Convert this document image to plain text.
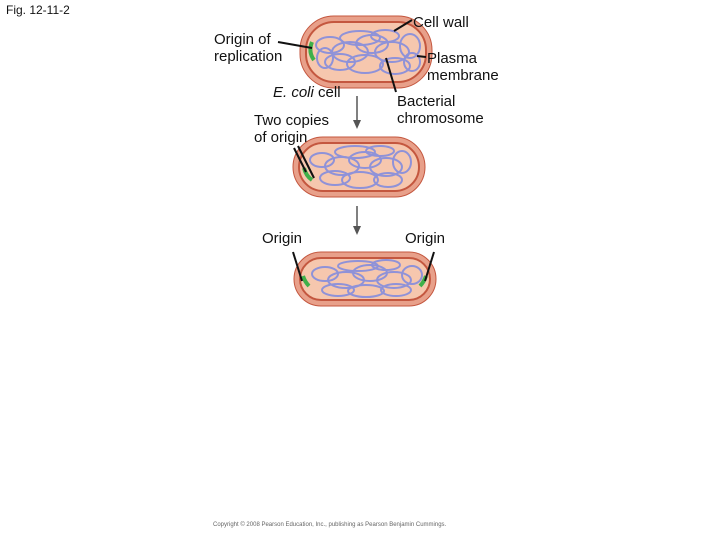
Fig. 12-11-2
Origin of
replication
E. coli cell
Cell wall
Plasma
membrane
Bacterial
chromosome
Two copies
of origin
Origin	Origin
Copyright © 2008 Pearson Education, Inc., publishing as Pearson Benjamin Cummings.
